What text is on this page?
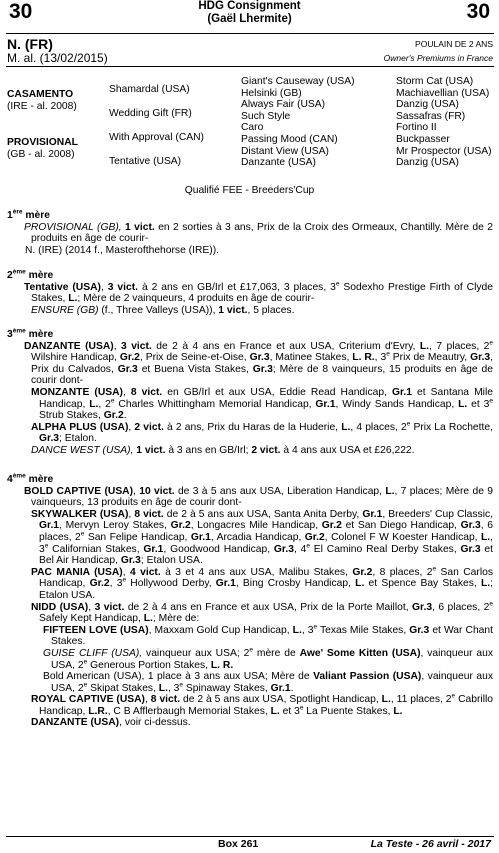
30	30
HDG Consignment
(Gaël Lhermite)
N. (FR)
M. al. (13/02/2015)
POULAIN DE 2 ANS
Owner's Premiums in France
CASAMENTO
(IRE - al. 2008)
PROVISIONAL
(GB - al. 2008)
Shamardal (USA)
Wedding Gift (FR)
With Approval (CAN)
Tentative (USA)
Giant's Causeway (USA)
Helsinki (GB)
Always Fair (USA)
Such Style
Caro
Passing Mood (CAN)
Distant View (USA)
Danzante (USA)
Storm Cat (USA)
Machiavellian (USA)
Danzig (USA)
Sassafras (FR)
Fortino II
Buckpasser
Mr Prospector (USA)
Danzig (USA)
Qualifié FEE - Breeders'Cup

1ère mère

PROVISIONAL (GB), 1 vict. en 2 sorties à 3 ans, Prix de la Croix des Ormeaux, Chantilly. Mère de 2 produits en âge de courir-

N. (IRE) (2014 f., Masterofthehorse (IRE)).

2ème mère

Tentative (USA), 3 vict. à 2 ans en GB/Irl et £17,063, 3 places, 3e Sodexho Prestige Firth of Clyde Stakes, L.; Mère de 2 vainqueurs, 4 produits en âge de courir-

ENSURE (GB) (f., Three Valleys (USA)), 1 vict., 5 places.

3ème mère

DANZANTE (USA), 3 vict. de 2 à 4 ans en France et aux USA, Criterium d'Evry, L., 7 places, 2e Wilshire Handicap, Gr.2, Prix de Seine-et-Oise, Gr.3, Matinee Stakes, L. R., 3e Prix de Meautry, Gr.3, Prix du Calvados, Gr.3 et Buena Vista Stakes, Gr.3; Mère de 8 vainqueurs, 15 produits en âge de courir dont-

MONZANTE (USA), 8 vict. en GB/Irl et aux USA, Eddie Read Handicap, Gr.1 et Santana Mile Handicap, L., 2e Charles Whittingham Memorial Handicap, Gr.1, Windy Sands Handicap, L. et 3e Strub Stakes, Gr.2.

ALPHA PLUS (USA), 2 vict. à 2 ans, Prix du Haras de la Huderie, L., 4 places, 2e Prix La Rochette, Gr.3; Etalon.

DANCE WEST (USA), 1 vict. à 3 ans en GB/Irl; 2 vict. à 4 ans aux USA et £26,222.

4ème mère

BOLD CAPTIVE (USA), 10 vict. de 3 à 5 ans aux USA, Liberation Handicap, L., 7 places; Mère de 9 vainqueurs, 13 produits en âge de courir dont-

SKYWALKER (USA), 8 vict. de 2 à 5 ans aux USA, Santa Anita Derby, Gr.1, Breeders' Cup Classic, Gr.1, Mervyn Leroy Stakes, Gr.2, Longacres Mile Handicap, Gr.2 et San Diego Handicap, Gr.3, 6 places, 2e San Felipe Handicap, Gr.1, Arcadia Handicap, Gr.2, Colonel F W Koester Handicap, L., 3e Californian Stakes, Gr.1, Goodwood Handicap, Gr.3, 4e El Camino Real Derby Stakes, Gr.3 et Bel Air Handicap, Gr.3; Etalon USA.

PAC MANIA (USA), 4 vict. à 3 et 4 ans aux USA, Malibu Stakes, Gr.2, 8 places, 2e San Carlos Handicap, Gr.2, 3e Hollywood Derby, Gr.1, Bing Crosby Handicap, L. et Spence Bay Stakes, L.; Etalon USA.

NIDD (USA), 3 vict. de 2 à 4 ans en France et aux USA, Prix de la Porte Maillot, Gr.3, 6 places, 2e Safely Kept Handicap, L.; Mère de:

FIFTEEN LOVE (USA), Maxxam Gold Cup Handicap, L., 3e Texas Mile Stakes, Gr.3 et War Chant Stakes.

GUISE CLIFF (USA), vainqueur aux USA; 2e mère de Awe' Some Kitten (USA), vainqueur aux USA, 2e Generous Portion Stakes, L. R.

Bold American (USA), 1 place à 3 ans aux USA; Mère de Valiant Passion (USA), vainqueur aux USA, 2e Skipat Stakes, L., 3e Spinaway Stakes, Gr.1.

ROYAL CAPTIVE (USA), 8 vict. de 2 à 5 ans aux USA, Spotlight Handicap, L., 11 places, 2e Cabrillo Handicap, L.R., C B Afflerbaugh Memorial Stakes, L. et 3e La Puente Stakes, L.

DANZANTE (USA), voir ci-dessus.

Box 261	La Teste - 26 avril - 2017
